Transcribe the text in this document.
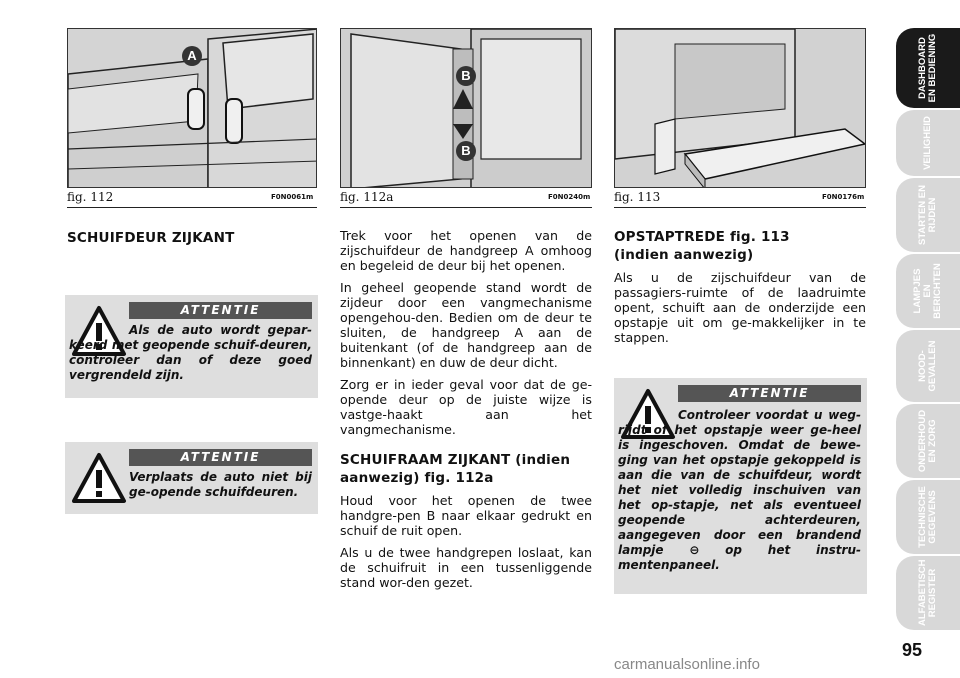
A
B
B
fig. 112	F0N0061m fig. 112a	F0N0240m fig. 113	F0N0176m
SCHUIFDEUR ZIJKANT
ATTENTIE
Als de auto wordt gepar-keerd met geopende schuif-deuren, controleer dan of deze goed vergrendeld zijn.
ATTENTIE
Verplaats de auto niet bij ge-opende schuifdeuren.

Trek voor het openen van de zijschuifdeur de handgreep A omhoog en begeleid de deur bij het openen.

In geheel geopende stand wordt de zijdeur door een vangmechanisme opengehou-den. Bedien om de deur te sluiten, de handgreep A aan de buitenkant (of de handgreep aan de binnenkant) en duw de deur dicht.

Zorg er in ieder geval voor dat de ge-opende deur op de juiste wijze is vastge-haakt aan het vangmechanisme.

SCHUIFRAAM ZIJKANT (indien aanwezig) fig. 112a

Houd voor het openen de twee handgre-pen B naar elkaar gedrukt en schuif de ruit open.

Als u de twee handgrepen loslaat, kan de schuifruit in een tussenliggende stand wor-den gezet.

OPSTAPTREDE fig. 113
(indien aanwezig)

Als u de zijschuifdeur van de passagiers-ruimte of de laadruimte opent, schuift aan de onderzijde een opstapje uit om ge-makkelijker in te stappen.

ATTENTIE
Controleer voordat u weg-rijdt of het opstapje weer ge-heel is ingeschoven. Omdat de bewe-ging van het opstapje gekoppeld is aan die van de schuifdeur, wordt het niet volledig inschuiven van het op-stapje, net als eventueel geopende achterdeuren, aangegeven door een brandend lampje ⊖ op het instru-mentenpaneel.
DASHBOARD EN BEDIENING
VEILIGHEID
STARTEN EN RIJDEN
LAMPJES EN BERICHTEN
NOOD- GEVALLEN
ONDERHOUD EN ZORG
TECHNISCHE GEGEVENS
ALFABETISCH REGISTER
95
carmanualsonline.info
